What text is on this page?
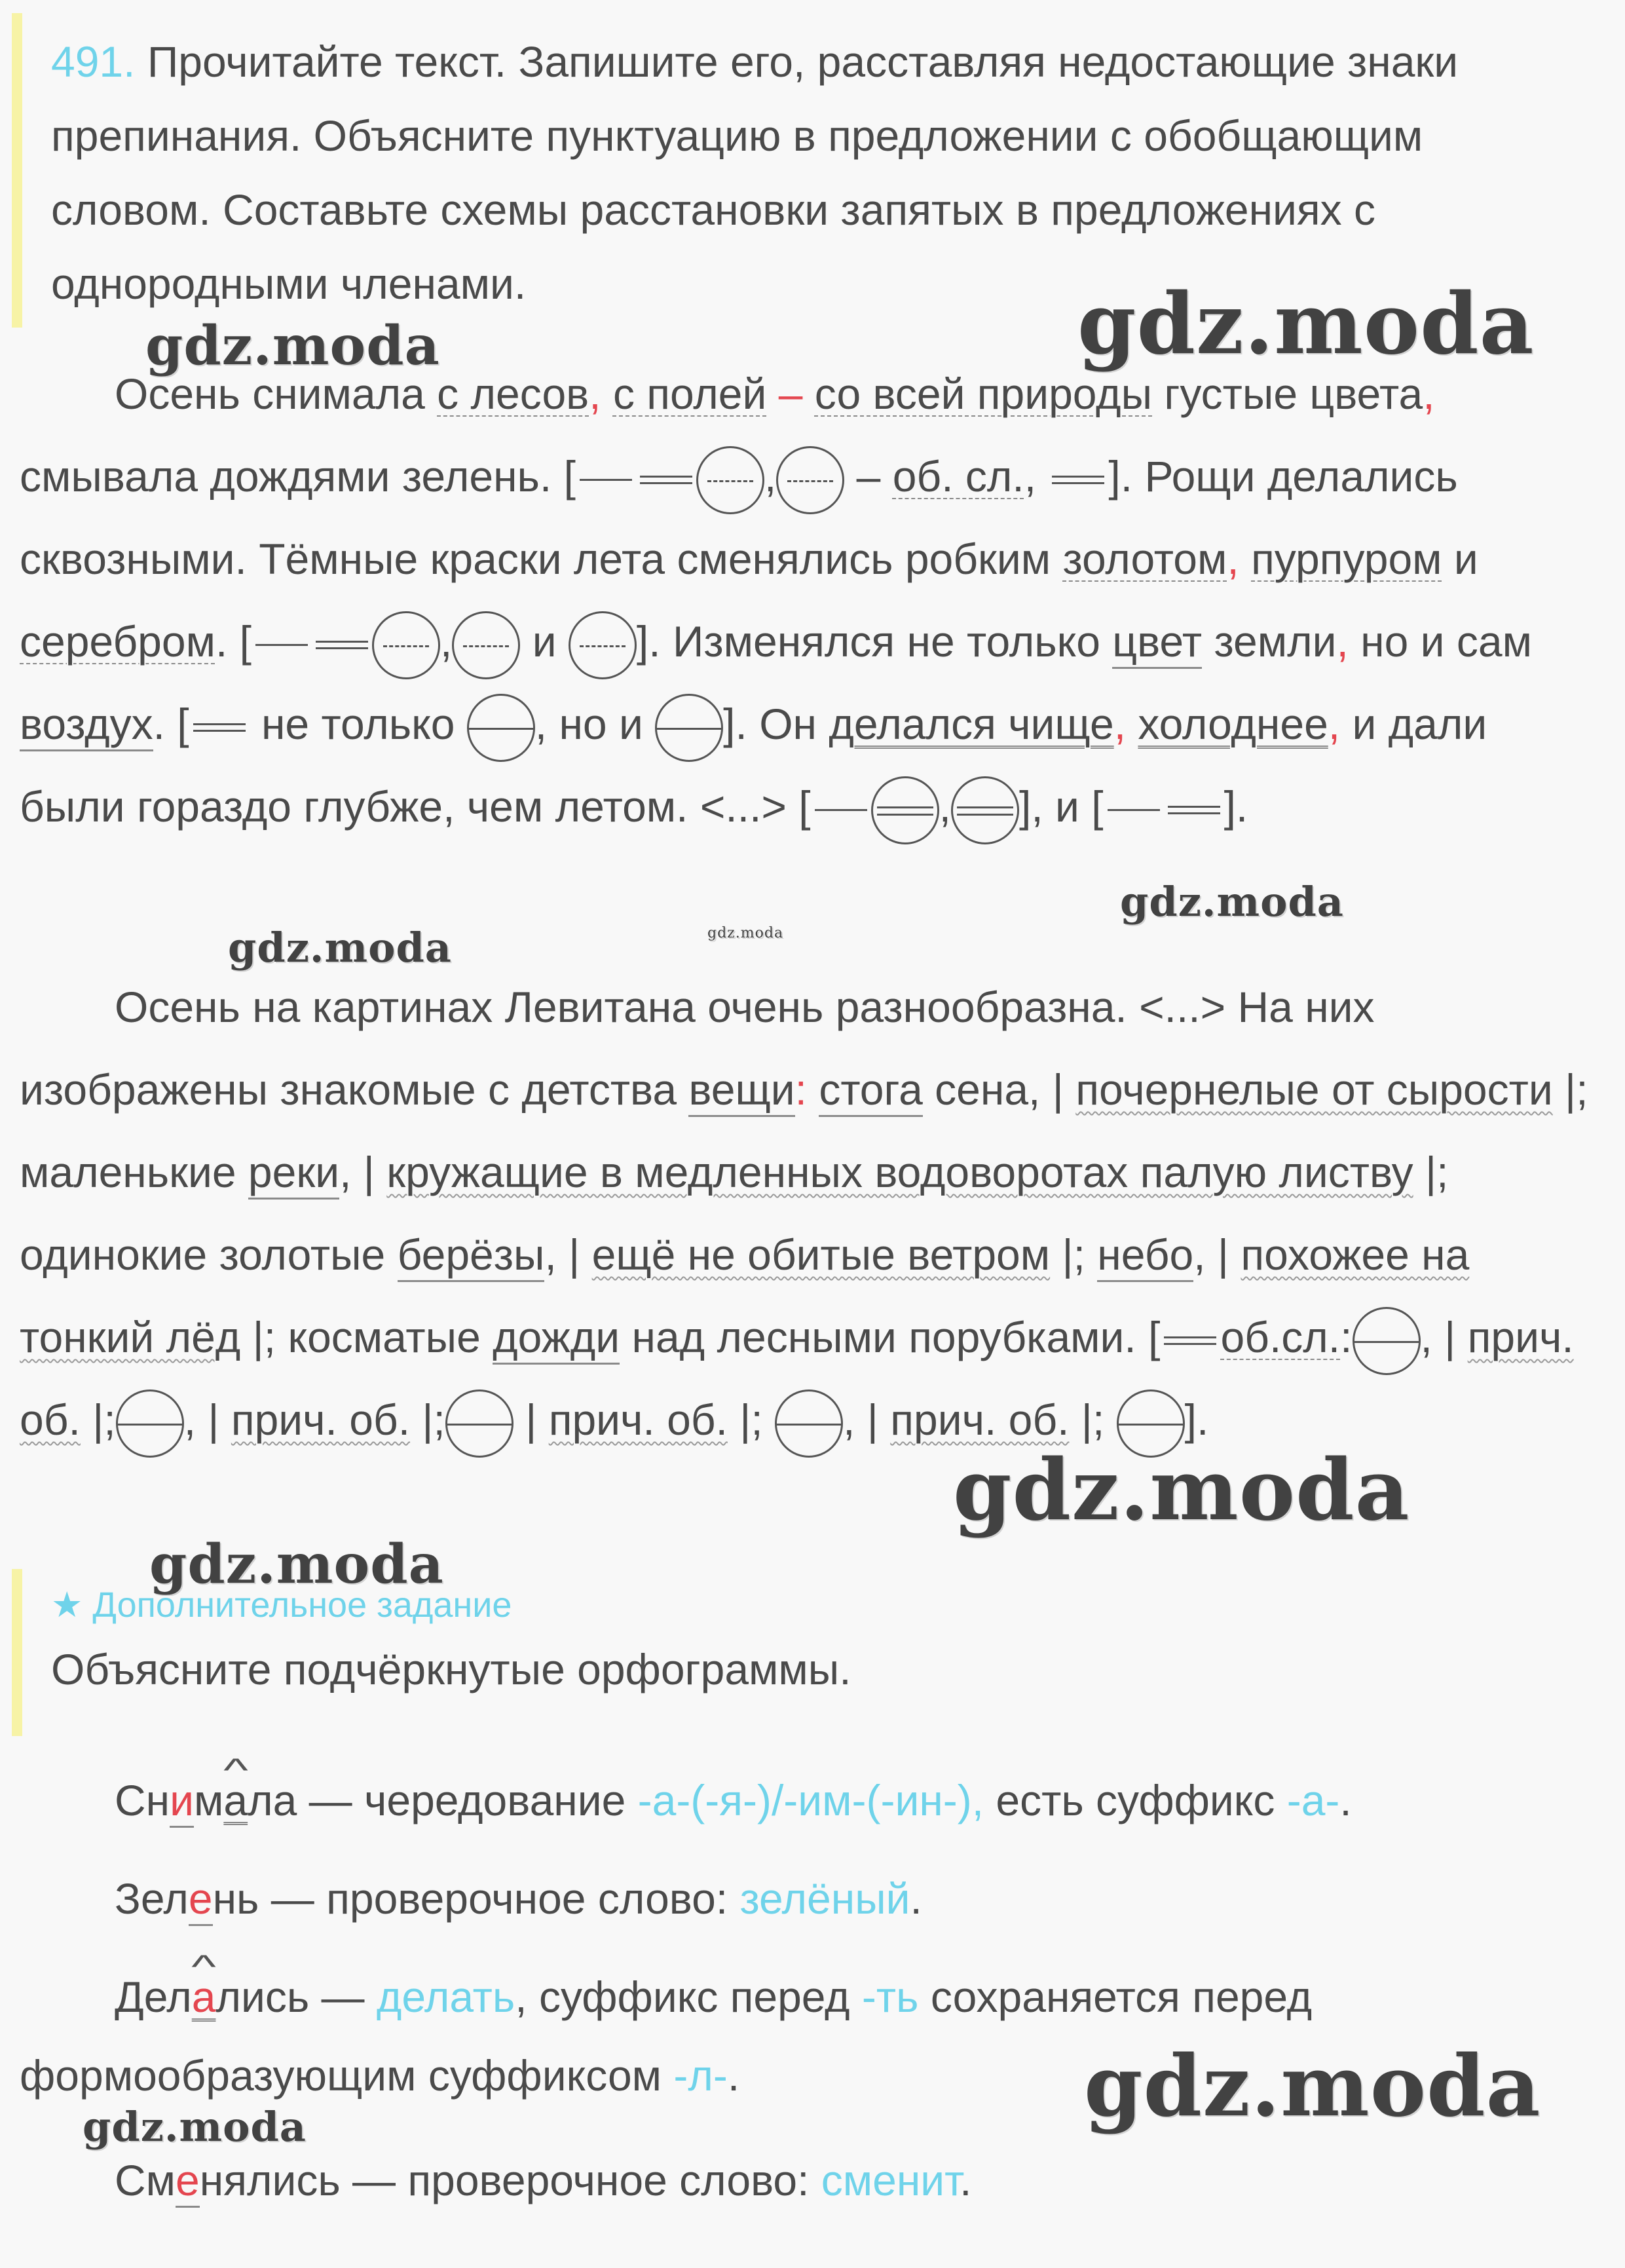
491. Прочитайте текст. Запишите его, расставляя недостающие знаки препинания. Объясните пунктуацию в предложении с обобщающим словом. Составьте схемы расстановки запятых в предложениях с однородными членами.

Осень снимала с лесов, с полей – со всей природы густые цвета, смывала дождями зелень. [	, – об. сл., ]. Рощи делались сквозными. Тёмные краски лета сменялись робким золотом, пурпуром и серебром. [	, и ]. Изменялся не только цвет земли, но и сам воздух. [ не только , но и ]. Он делался чище, холоднее, и дали были гораздо глубже, чем летом. <...> [	, ], и [	].
Осень на картинах Левитана очень разнообразна. <...> На них изображены знакомые с детства вещи: стога сена, | почернелые от сырости |; маленькие реки, | кружащие в медленных водоворотах палую листву |; одинокие золотые берёзы, | ещё не обитые ветром |; небо, | похожее на тонкий лёд |; косматые дожди над лесными порубками. [ об.сл.: , | прич. об. |; , | прич. об. |; | прич. об. |; , | прич. об. |; ].
★ Дополнительное задание
Объясните подчёркнутые орфограммы.
Сним^ ала — чередование -а-(-я-)/-им-(-ин-), есть суффикс -а-.
Зелень — проверочное слово: зелёный.
Дел^ ались — делать, суффикс перед -ть сохраняется перед формообразующим суффиксом -л-.
Сменялись — проверочное слово: сменит.
gdz.moda
gdz.moda
gdz.moda
gdz.moda
gdz.moda
gdz.moda
gdz.moda
gdz.moda
gdz.moda
